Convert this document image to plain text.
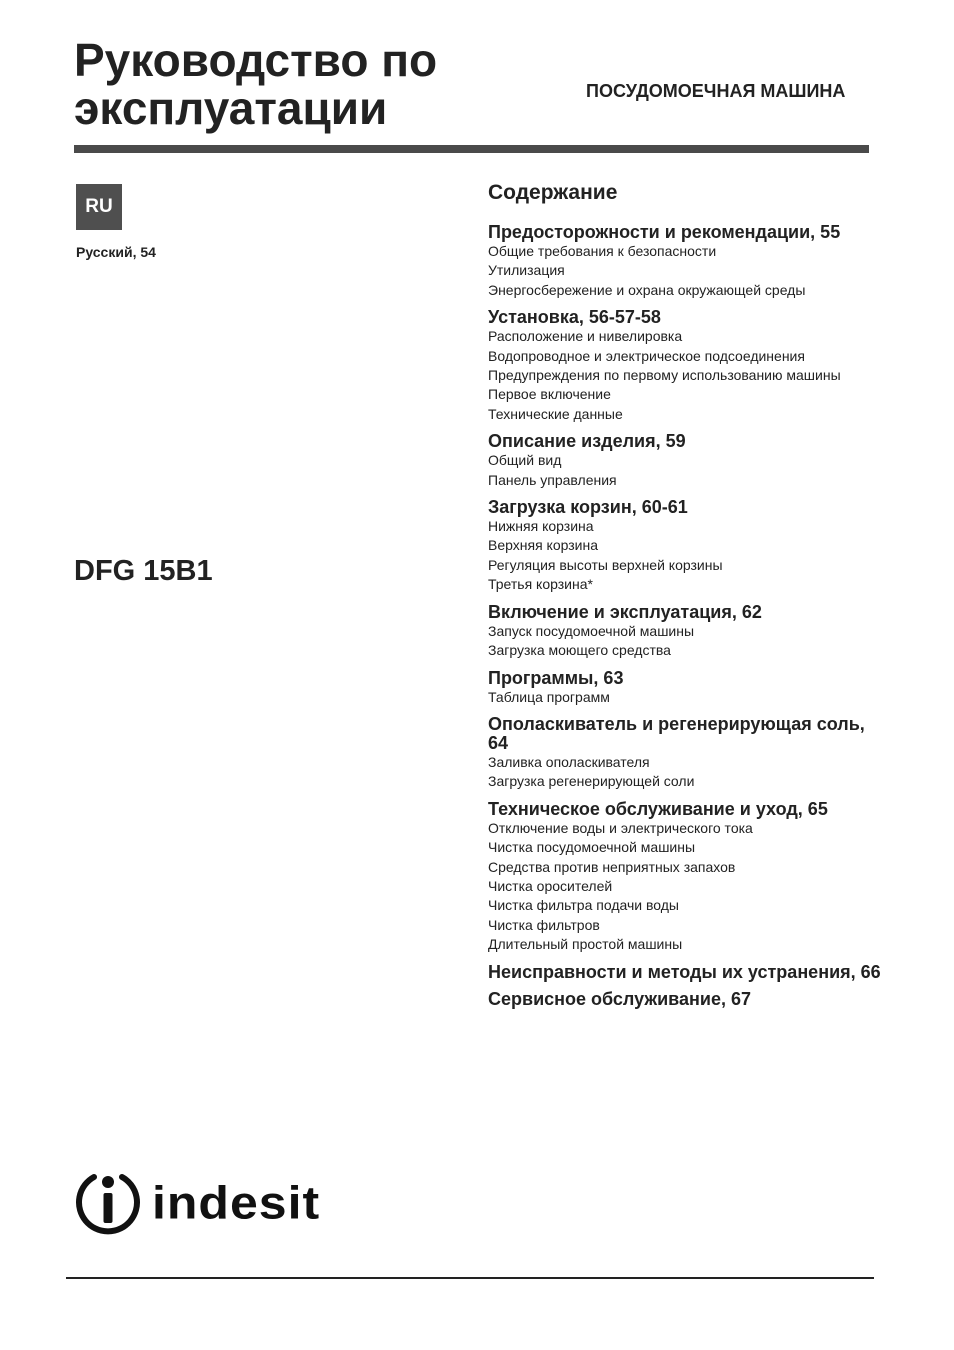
Руководство по эксплуатации	ПОСУДОМОЕЧНАЯ МАШИНА
RU
Русский, 54
DFG 15B1
Содержание
Предосторожности и рекомендации, 55
Общие требования к безопасности
Утилизация
Энергосбережение и охрана окружающей среды
Установка, 56-57-58
Расположение и нивелировка
Водопроводное и электрическое подсоединения
Предупреждения по первому использованию машины
Первое включение
Технические данные
Описание изделия, 59
Общий вид
Панель управления
Загрузка корзин, 60-61
Нижняя корзина
Верхняя корзина
Регуляция высоты верхней корзины
Третья корзина*
Включение и эксплуатация, 62
Запуск посудомоечной машины
Загрузка моющего средства
Программы, 63
Таблица программ
Ополаскиватель и регенерирующая соль, 64
Заливка ополаскивателя
Загрузка регенерирующей соли
Техническое обслуживание и уход, 65
Отключение воды и электрического тока
Чистка посудомоечной машины
Средства против неприятных запахов
Чистка оросителей
Чистка фильтра подачи воды
Чистка фильтров
Длительный простой машины
Неисправности и методы их устранения, 66
Сервисное обслуживание, 67
indesit
